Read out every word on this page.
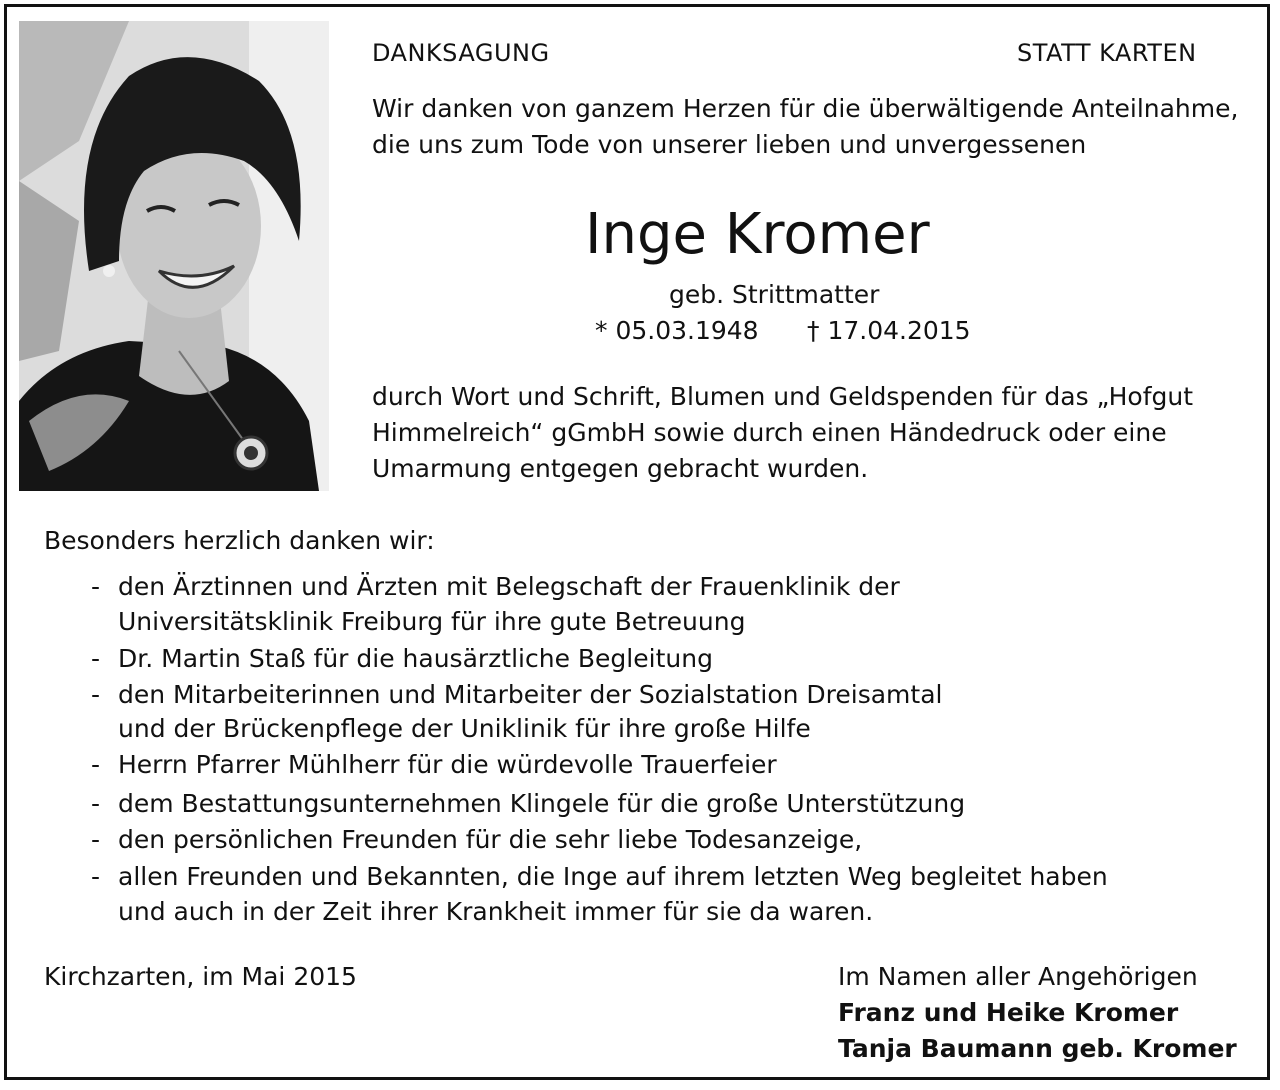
DANKSAGUNG	STATT KARTEN
Wir danken von ganzem Herzen für die überwältigende Anteilnahme,
die uns zum Tode von unserer lieben und unvergessenen
Inge Kromer
geb. Strittmatter
* 05.03.1948 † 17.04.2015
durch Wort und Schrift, Blumen und Geldspenden für das „Hofgut
Himmelreich“ gGmbH sowie durch einen Händedruck oder eine
Umarmung entgegen gebracht wurden.
Besonders herzlich danken wir:
- den Ärztinnen und Ärzten mit Belegschaft der Frauenklinik der
Universitätsklinik Freiburg für ihre gute Betreuung
- Dr. Martin Staß für die hausärztliche Begleitung
- den Mitarbeiterinnen und Mitarbeiter der Sozialstation Dreisamtal
und der Brückenpflege der Uniklinik für ihre große Hilfe
- Herrn Pfarrer Mühlherr für die würdevolle Trauerfeier
- dem Bestattungsunternehmen Klingele für die große Unterstützung
- den persönlichen Freunden für die sehr liebe Todesanzeige,
- allen Freunden und Bekannten, die Inge auf ihrem letzten Weg begleitet haben
und auch in der Zeit ihrer Krankheit immer für sie da waren.
Kirchzarten, im Mai 2015	Im Namen aller Angehörigen
Franz und Heike Kromer
Tanja Baumann geb. Kromer
